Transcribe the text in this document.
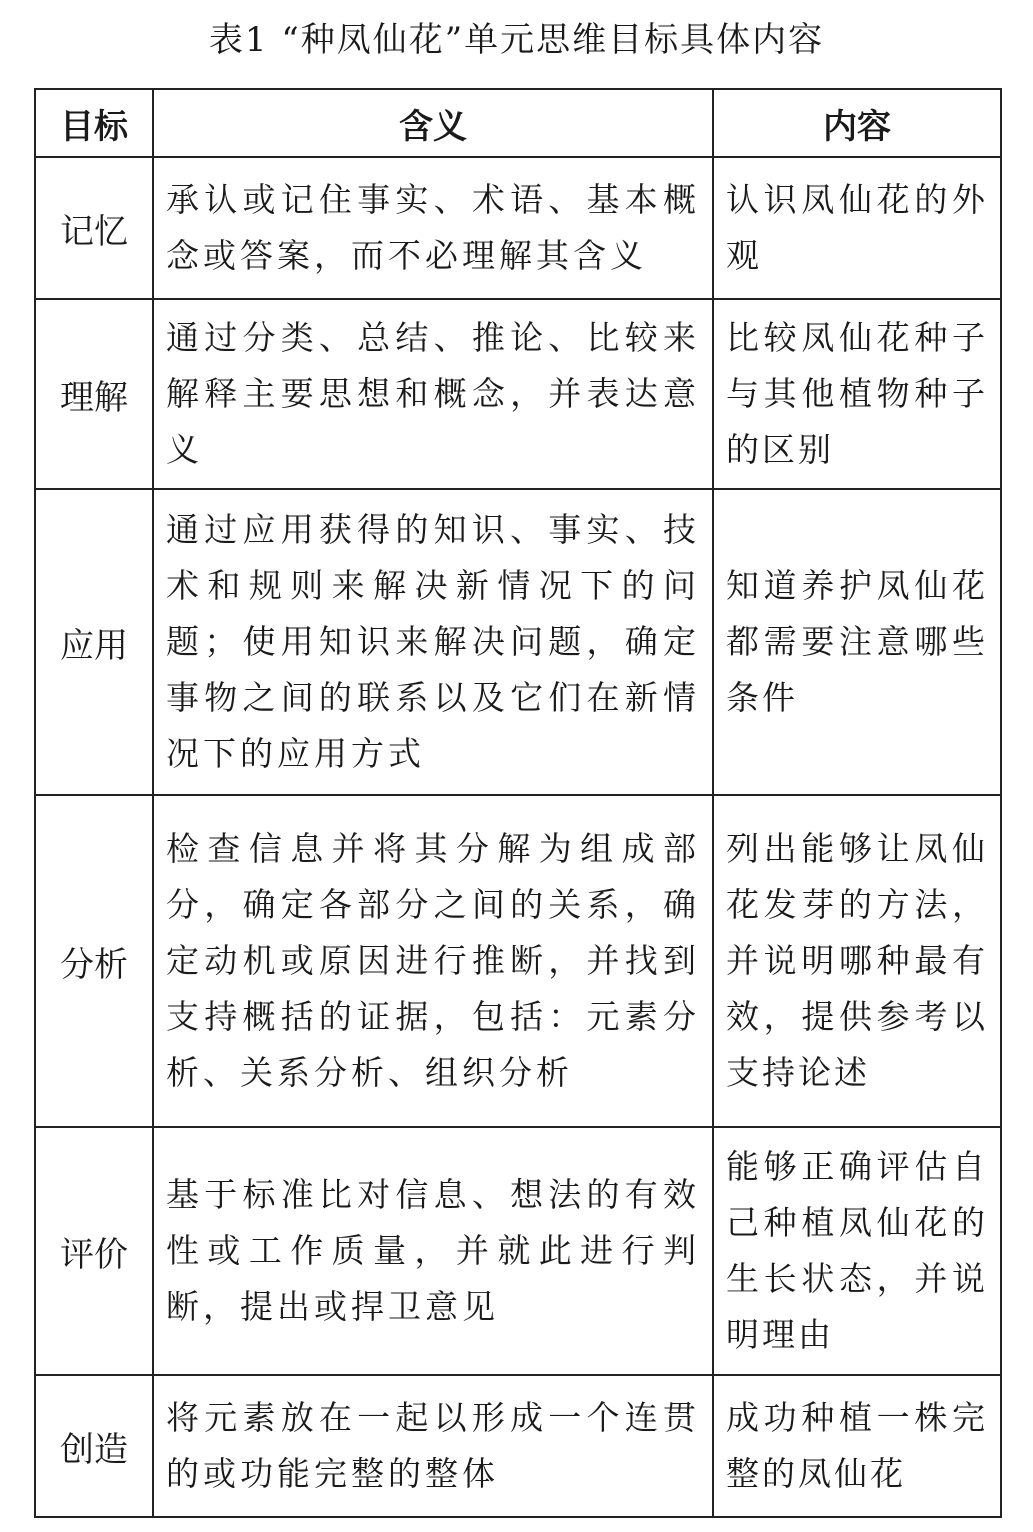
表1 “种凤仙花”单元思维目标具体内容
目标	含义	内容
记忆	承认或记住事实、术语、基本概念或答案，而不必理解其含义	认识凤仙花的外观
理解	通过分类、总结、推论、比较来解释主要思想和概念，并表达意义	比较凤仙花种子与其他植物种子的区别
应用	通过应用获得的知识、事实、技术和规则来解决新情况下的问题；使用知识来解决问题，确定事物之间的联系以及它们在新情况下的应用方式	知道养护凤仙花都需要注意哪些条件
分析	检查信息并将其分解为组成部分，确定各部分之间的关系，确定动机或原因进行推断，并找到支持概括的证据，包括：元素分析、关系分析、组织分析	列出能够让凤仙花发芽的方法，并说明哪种最有效，提供参考以支持论述
评价	基于标准比对信息、想法的有效性或工作质量，并就此进行判断，提出或捍卫意见	能够正确评估自己种植凤仙花的生长状态，并说明理由
创造	将元素放在一起以形成一个连贯的或功能完整的整体	成功种植一株完整的凤仙花
